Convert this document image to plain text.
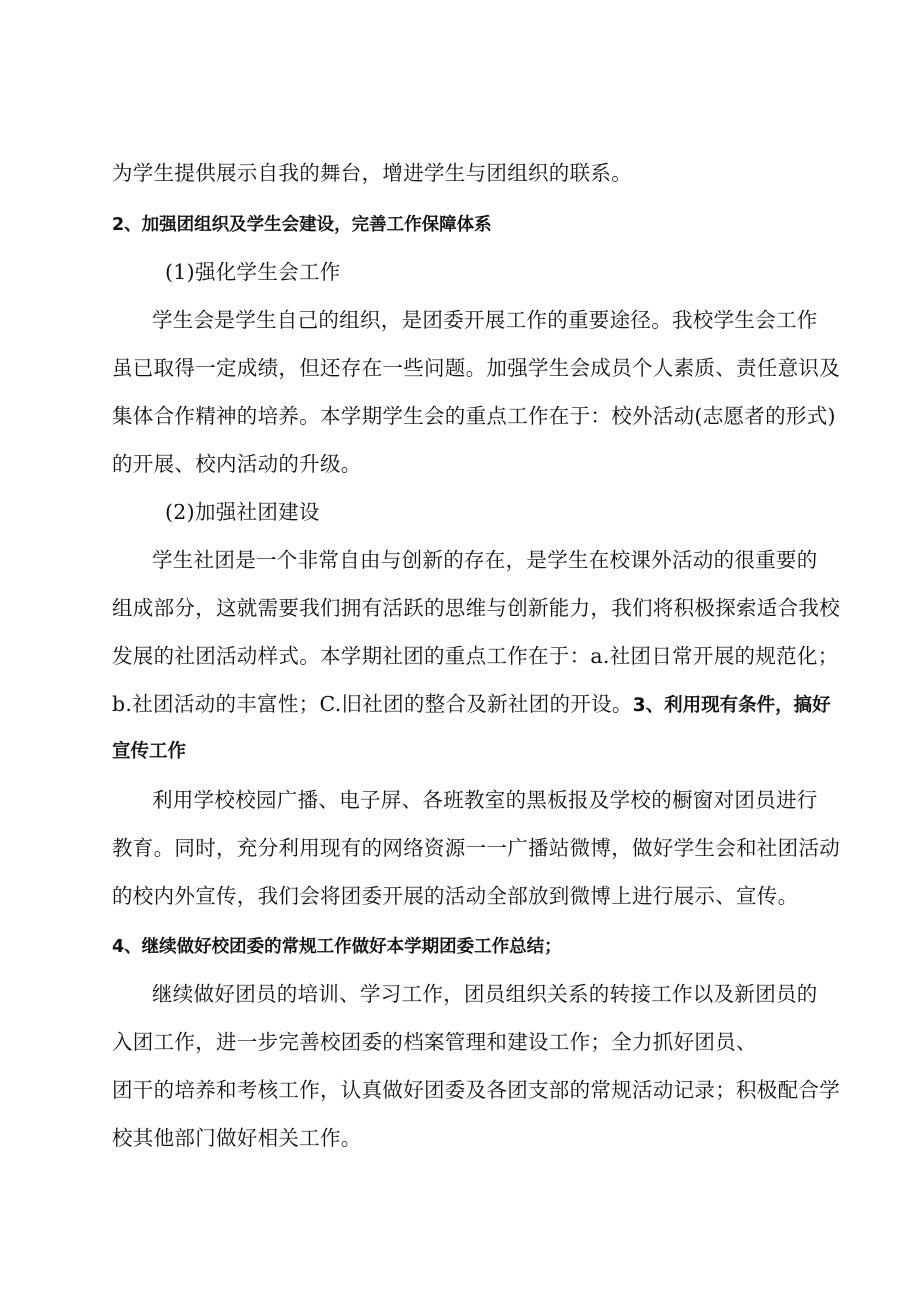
为学生提供展示自我的舞台，增进学生与团组织的联系。
2、加强团组织及学生会建设，完善工作保障体系
(1)强化学生会工作
学生会是学生自己的组织，是团委开展工作的重要途径。我校学生会工作
虽已取得一定成绩，但还存在一些问题。加强学生会成员个人素质、责任意识及
集体合作精神的培养。本学期学生会的重点工作在于：校外活动(志愿者的形式)
的开展、校内活动的升级。
(2)加强社团建设
学生社团是一个非常自由与创新的存在，是学生在校课外活动的很重要的
组成部分，这就需要我们拥有活跃的思维与创新能力，我们将积极探索适合我校
发展的社团活动样式。本学期社团的重点工作在于：a.社团日常开展的规范化；
b.社团活动的丰富性；C.旧社团的整合及新社团的开设。3、利用现有条件，搞好
宣传工作
利用学校校园广播、电子屏、各班教室的黑板报及学校的橱窗对团员进行
教育。同时，充分利用现有的网络资源一一广播站微博，做好学生会和社团活动
的校内外宣传，我们会将团委开展的活动全部放到微博上进行展示、宣传。
4、继续做好校团委的常规工作做好本学期团委工作总结；
继续做好团员的培训、学习工作，团员组织关系的转接工作以及新团员的
入团工作，进一步完善校团委的档案管理和建设工作；全力抓好团员、
团干的培养和考核工作，认真做好团委及各团支部的常规活动记录；积极配合学
校其他部门做好相关工作。
